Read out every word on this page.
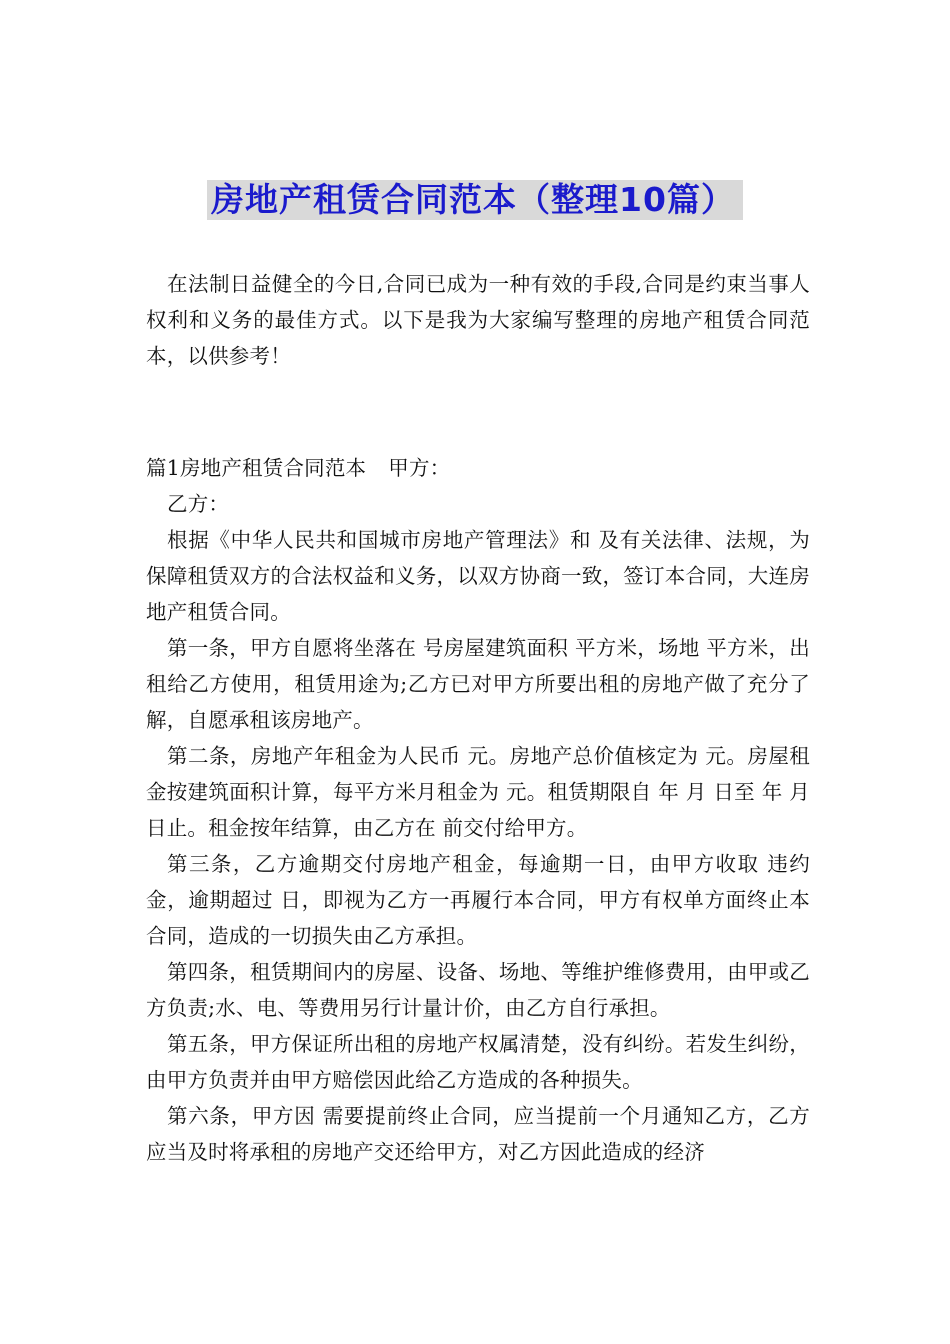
房地产租赁合同范本（整理10篇）

在法制日益健全的今日,合同已成为一种有效的手段,合同是约束当事人权利和义务的最佳方式。以下是我为大家编写整理的房地产租赁合同范本，以供参考！

篇1房地产租赁合同范本 甲方：

乙方：

根据《中华人民共和国城市房地产管理法》和 及有关法律、法规，为保障租赁双方的合法权益和义务，以双方协商一致，签订本合同，大连房地产租赁合同。

第一条，甲方自愿将坐落在 号房屋建筑面积 平方米，场地 平方米，出租给乙方使用，租赁用途为;乙方已对甲方所要出租的房地产做了充分了解，自愿承租该房地产。

第二条，房地产年租金为人民币 元。房地产总价值核定为 元。房屋租金按建筑面积计算，每平方米月租金为 元。租赁期限自 年 月 日至 年 月 日止。租金按年结算，由乙方在 前交付给甲方。

第三条，乙方逾期交付房地产租金，每逾期一日，由甲方收取 违约金，逾期超过 日，即视为乙方一再履行本合同，甲方有权单方面终止本合同，造成的一切损失由乙方承担。

第四条，租赁期间内的房屋、设备、场地、等维护维修费用，由甲或乙方负责;水、电、等费用另行计量计价，由乙方自行承担。

第五条，甲方保证所出租的房地产权属清楚，没有纠纷。若发生纠纷，由甲方负责并由甲方赔偿因此给乙方造成的各种损失。

第六条，甲方因 需要提前终止合同，应当提前一个月通知乙方，乙方应当及时将承租的房地产交还给甲方，对乙方因此造成的经济
